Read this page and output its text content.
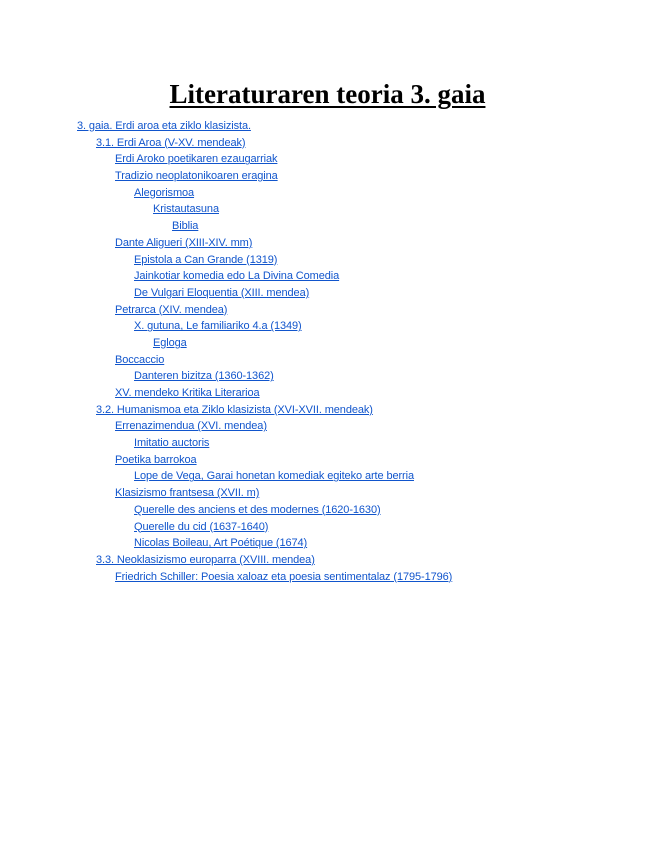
Literaturaren teoria 3. gaia
3. gaia. Erdi aroa eta ziklo klasizista.
3.1. Erdi Aroa (V-XV. mendeak)
Erdi Aroko poetikaren ezaugarriak
Tradizio neoplatonikoaren eragina
Alegorismoa
Kristautasuna
Biblia
Dante Aligueri (XIII-XIV. mm)
Epistola a Can Grande (1319)
Jainkotiar komedia edo La Divina Comedia
De Vulgari Eloquentia (XIII. mendea)
Petrarca (XIV. mendea)
X. gutuna, Le familiariko 4.a (1349)
Egloga
Boccaccio
Danteren bizitza (1360-1362)
XV. mendeko Kritika Literarioa
3.2. Humanismoa eta Ziklo klasizista (XVI-XVII. mendeak)
Errenazimendua (XVI. mendea)
Imitatio auctoris
Poetika barrokoa
Lope de Vega, Garai honetan komediak egiteko arte berria
Klasizismo frantsesa (XVII. m)
Querelle des anciens et des modernes (1620-1630)
Querelle du cid (1637-1640)
Nicolas Boileau, Art Poétique (1674)
3.3. Neoklasizismo europarra (XVIII. mendea)
Friedrich Schiller: Poesia xaloaz eta poesia sentimentalaz (1795-1796)
